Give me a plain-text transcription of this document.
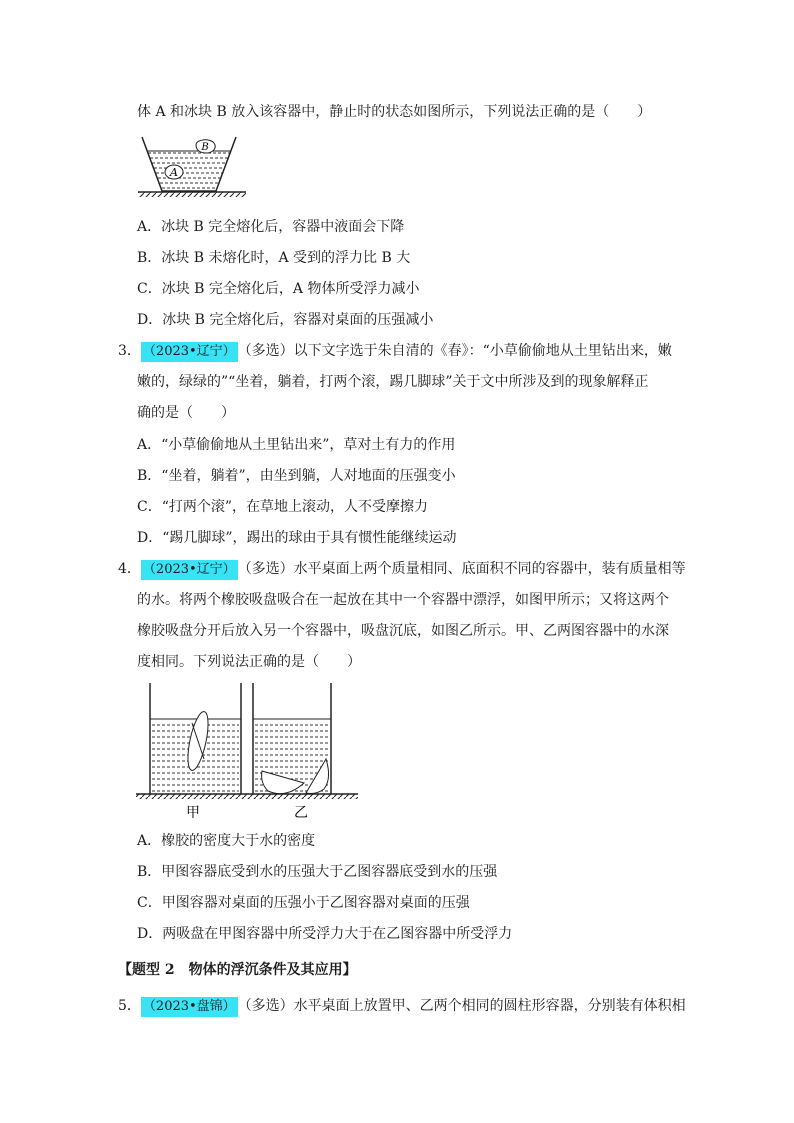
体 A 和冰块 B 放入该容器中，静止时的状态如图所示，下列说法正确的是（　　）
A
B
A．冰块 B 完全熔化后，容器中液面会下降
B．冰块 B 未熔化时，A 受到的浮力比 B 大
C．冰块 B 完全熔化后，A 物体所受浮力减小
D．冰块 B 完全熔化后，容器对桌面的压强减小
3． （2023•辽宁） （多选）以下文字选于朱自清的《春》：“小草偷偷地从土里钻出来，嫩
嫩的，绿绿的”“坐着，躺着，打两个滚，踢几脚球”关于文中所涉及到的现象解释正
确的是（　　）
A．“小草偷偷地从土里钻出来”，草对土有力的作用
B．“坐着，躺着”，由坐到躺，人对地面的压强变小
C．“打两个滚”，在草地上滚动，人不受摩擦力
D．“踢几脚球”，踢出的球由于具有惯性能继续运动
4． （2023•辽宁） （多选）水平桌面上两个质量相同、底面积不同的容器中，装有质量相等
的水。将两个橡胶吸盘吸合在一起放在其中一个容器中漂浮，如图甲所示；又将这两个
橡胶吸盘分开后放入另一个容器中，吸盘沉底，如图乙所示。甲、乙两图容器中的水深
度相同。下列说法正确的是（　　）
甲	乙
A．橡胶的密度大于水的密度
B．甲图容器底受到水的压强大于乙图容器底受到水的压强
C．甲图容器对桌面的压强小于乙图容器对桌面的压强
D．两吸盘在甲图容器中所受浮力大于在乙图容器中所受浮力
【题型 2　物体的浮沉条件及其应用】
5． （2023•盘锦） （多选）水平桌面上放置甲、乙两个相同的圆柱形容器，分别装有体积相
